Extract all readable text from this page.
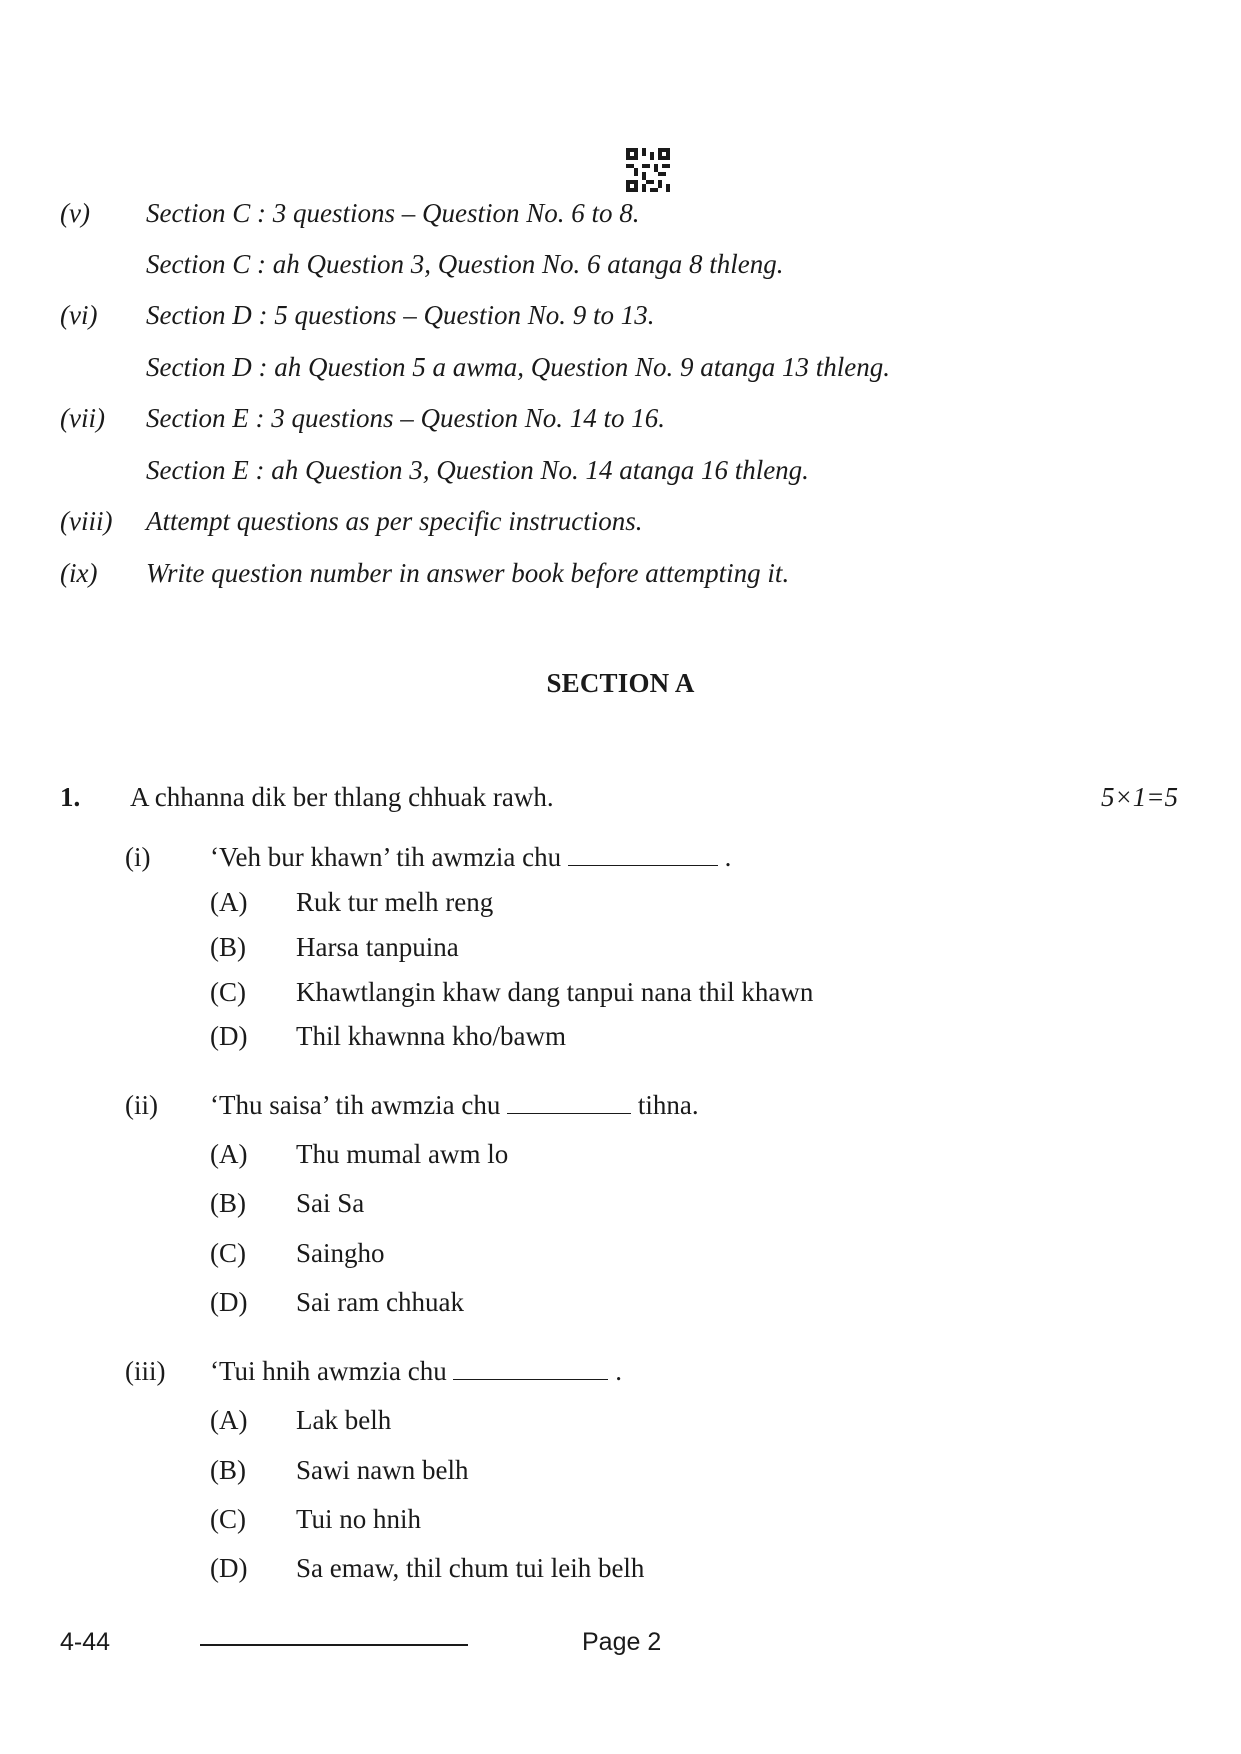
(v) Section C : 3 questions – Question No. 6 to 8.
Section C : ah Question 3, Question No. 6 atanga 8 thleng.
(vi) Section D : 5 questions – Question No. 9 to 13.
Section D : ah Question 5 a awma, Question No. 9 atanga 13 thleng.
(vii) Section E : 3 questions – Question No. 14 to 16.
Section E : ah Question 3, Question No. 14 atanga 16 thleng.
(viii) Attempt questions as per specific instructions.
(ix) Write question number in answer book before attempting it.
SECTION A
1. A chhanna dik ber thlang chhuak rawh.	5×1=5
(i) ‘Veh bur khawn’ tih awmzia chu	.
(A) Ruk tur melh reng
(B) Harsa tanpuina
(C) Khawtlangin khaw dang tanpui nana thil khawn
(D) Thil khawnna kho/bawm
(ii) ‘Thu saisa’ tih awmzia chu	tihna.
(A) Thu mumal awm lo
(B) Sai Sa
(C) Saingho
(D) Sai ram chhuak
(iii) ‘Tui hnih awmzia chu	.
(A) Lak belh
(B) Sawi nawn belh
(C) Tui no hnih
(D) Sa emaw, thil chum tui leih belh
4-44	Page 2
